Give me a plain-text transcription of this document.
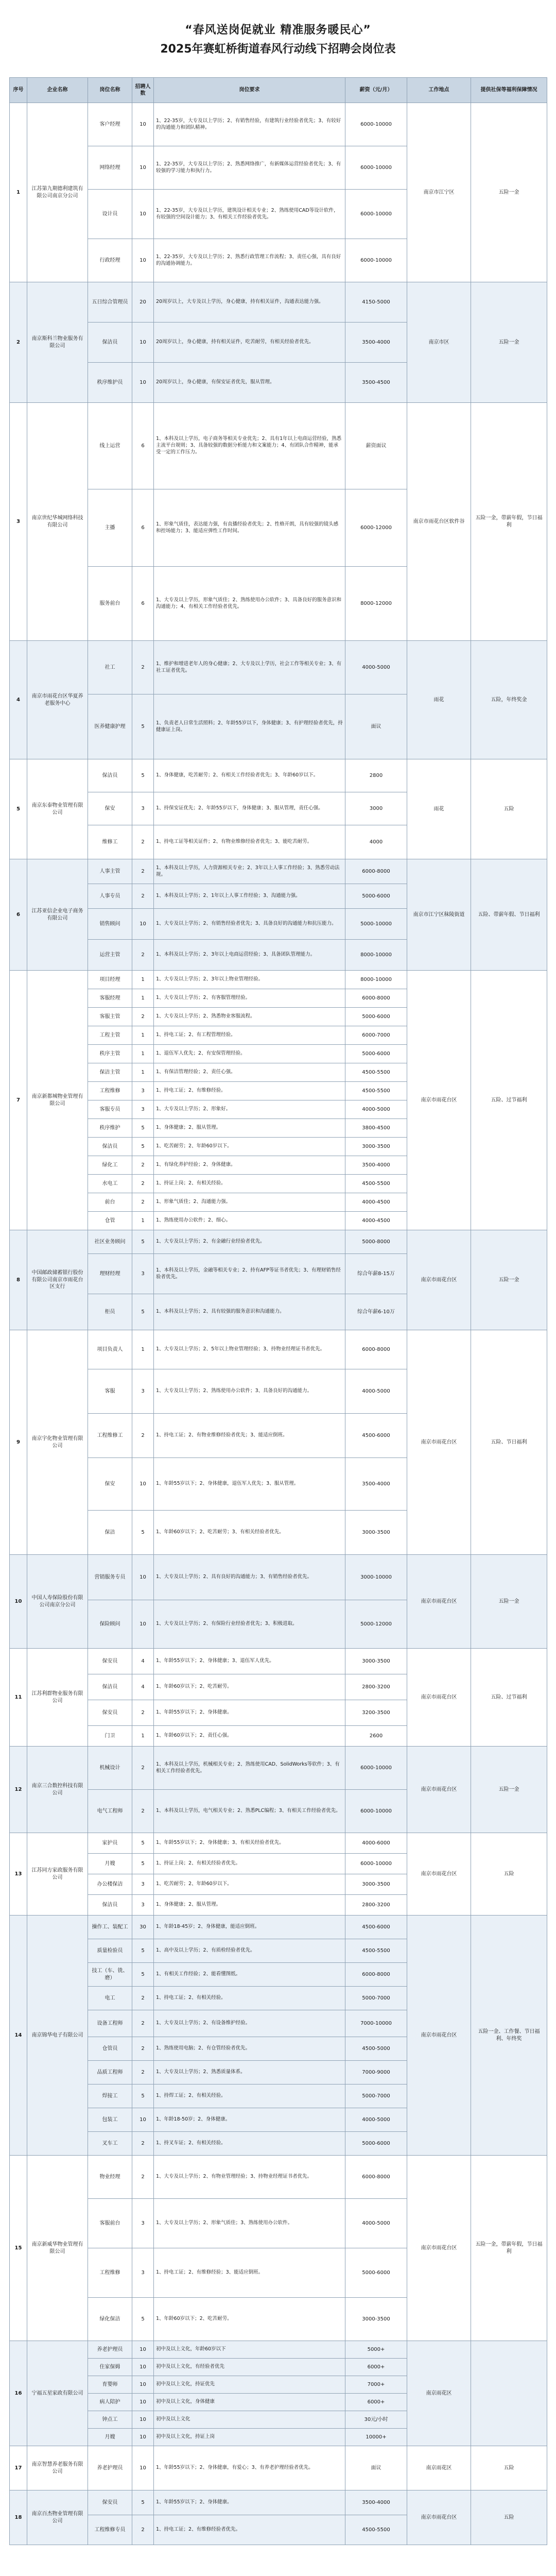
“春风送岗促就业 精准服务暖民心”
2025年赛虹桥街道春风行动线下招聘会岗位表
序号	企业名称	岗位名称	招聘人数	岗位要求	薪资（元/月）	工作地点	提供社保等福利保障情况
1	江苏第九期德利建筑有限公司南京分公司	客户经理	10	1、22-35岁，大专及以上学历；2、有销售经验，有建筑行业经验者优先；3、有较好的沟通能力和团队精神。	6000-10000	南京市江宁区	五险一金
		网络经理	10	1、22-35岁，大专及以上学历；2、熟悉网络推广，有新媒体运营经验者优先；3、有较强的学习能力和执行力。	6000-10000		
		设计员	10	1、22-35岁，大专及以上学历，建筑设计相关专业；2、熟练使用CAD等设计软件，有较强的空间设计能力；3、有相关工作经验者优先。	6000-10000		
		行政经理	10	1、22-35岁，大专及以上学历；2、熟悉行政管理工作流程；3、责任心强，具有良好的沟通协调能力。	6000-10000		
2	南京斯科兰物业服务有限公司	五日综合管理员	20	20周岁以上，大专及以上学历，身心健康，持有相关证件，沟通表达能力强。	4150-5000	南京市区	五险一金
		保洁员	10	20周岁以上，身心健康，持有相关证件，吃苦耐劳，有相关经验者优先。	3500-4000		
		秩序维护员	10	20周岁以上，身心健康，有保安证者优先，服从管理。	3500-4500		
3	南京世纪华城网络科技有限公司	线上运营	6	1、本科及以上学历，电子商务等相关专业优先；2、具有1年以上电商运营经验，熟悉主流平台规则；3、具备较强的数据分析能力和文案能力；4、有团队合作精神，能承受一定的工作压力。	薪资面议	南京市雨花台区软件谷	五险一金，带薪年假，节日福利
		主播	6	1、形象气质佳，表达能力强，有直播经验者优先；2、性格开朗，具有较强的镜头感和控场能力；3、能适应弹性工作时间。	6000-12000		
		服务前台	6	1、大专及以上学历，形象气质佳；2、熟练使用办公软件；3、具备良好的服务意识和沟通能力；4、有相关工作经验者优先。	8000-12000		
4	南京市雨花台区华夏养老服务中心	社工	2	1、维护和增进老年人的身心健康；2、大专及以上学历，社会工作等相关专业；3、有社工证者优先。	4000-5000	雨花	五险，年终奖金
		医养健康护理	5	1、负责老人日常生活照料；2、年龄55岁以下，身体健康；3、有护理经验者优先，持健康证上岗。	面议		
5	南京东泰物业管理有限公司	保洁员	5	1、身体健康，吃苦耐劳；2、有相关工作经验者优先；3、年龄60岁以下。	2800	雨花	五险
		保安	3	1、持保安证优先；2、年龄55岁以下，身体健康；3、服从管理，责任心强。	3000		
		维修工	2	1、持电工证等相关证件；2、有物业维修经验者优先；3、能吃苦耐劳。	4000		
6	江苏亚信企业电子商务有限公司	人事主管	2	1、本科及以上学历，人力资源相关专业；2、3年以上人事工作经验；3、熟悉劳动法规。	6000-8000	南京市江宁区秣陵街道	五险、带薪年假、节日福利
		人事专员	2	1、本科及以上学历；2、1年以上人事工作经验；3、沟通能力强。	5000-6000		
		销售顾问	10	1、大专及以上学历；2、有销售经验者优先；3、具备良好的沟通能力和抗压能力。	5000-10000		
		运营主管	2	1、本科及以上学历；2、3年以上电商运营经验；3、具备团队管理能力。	8000-10000		
7	南京新都城物业管理有限公司	项目经理	1	1、大专及以上学历；2、3年以上物业管理经验。	8000-10000	南京市雨花台区	五险、过节福利
		客服经理	1	1、大专及以上学历；2、有客服管理经验。	6000-8000		
		客服主管	2	1、大专及以上学历；2、熟悉物业客服流程。	5000-6000		
		工程主管	1	1、持电工证；2、有工程管理经验。	6000-7000		
		秩序主管	1	1、退伍军人优先；2、有安保管理经验。	5000-6000		
		保洁主管	1	1、有保洁管理经验；2、责任心强。	4500-5500		
		工程维修	3	1、持电工证；2、有维修经验。	4500-5500		
		客服专员	3	1、大专及以上学历；2、形象好。	4000-5000		
		秩序维护	5	1、身体健康；2、服从管理。	3800-4500		
		保洁员	5	1、吃苦耐劳；2、年龄60岁以下。	3000-3500		
		绿化工	2	1、有绿化养护经验；2、身体健康。	3500-4000		
		水电工	2	1、持证上岗；2、有相关经验。	4500-5500		
		前台	2	1、形象气质佳；2、沟通能力强。	4000-4500		
		仓管	1	1、熟练使用办公软件；2、细心。	4000-4500		
8	中国邮政储蓄银行股份有限公司南京市雨花台区支行	社区业务顾问	5	1、大专及以上学历；2、有金融行业经验者优先。	5000-8000	南京市雨花台区	五险一金
		理财经理	3	1、本科及以上学历，金融等相关专业；2、持有AFP等证书者优先；3、有理财销售经验者优先。	综合年薪8-15万		
		柜员	5	1、本科及以上学历；2、具有较强的服务意识和沟通能力。	综合年薪6-10万		
9	南京宇化物业管理有限公司	项目负责人	1	1、大专及以上学历；2、5年以上物业管理经验；3、持物业经理证书者优先。	6000-8000	南京市雨花台区	五险、节日福利
		客服	3	1、大专及以上学历；2、熟练使用办公软件；3、具备良好的沟通能力。	4000-5000		
		工程维修工	2	1、持电工证；2、有物业维修经验者优先；3、能适应倒班。	4500-6000		
		保安	10	1、年龄55岁以下；2、身体健康，退伍军人优先；3、服从管理。	3500-4000		
		保洁	5	1、年龄60岁以下；2、吃苦耐劳；3、有相关经验者优先。	3000-3500		
10	中国人寿保险股份有限公司南京分公司	营销服务专员	10	1、大专及以上学历；2、具有良好的沟通能力；3、有销售经验者优先。	3000-10000	南京市雨花台区	五险一金
		保险顾问	10	1、大专及以上学历；2、有保险行业经验者优先；3、积极进取。	5000-12000		
11	江苏利群物业服务有限公司	保安员	4	1、年龄55岁以下；2、身体健康；3、退伍军人优先。	3000-3500	南京市雨花台区	五险、过节福利
		保洁员	4	1、年龄60岁以下；2、吃苦耐劳。	2800-3200		
		保安员	2	1、年龄55岁以下；2、身体健康。	3200-3500		
		门卫	1	1、年龄60岁以下；2、责任心强。	2600		
12	南京三合数控科技有限公司	机械设计	2	1、本科及以上学历，机械相关专业；2、熟练使用CAD、SolidWorks等软件；3、有相关工作经验者优先。	6000-10000	南京市雨花台区	五险一金
		电气工程师	2	1、本科及以上学历，电气相关专业；2、熟悉PLC编程；3、有相关工作经验者优先。	6000-10000		
13	江苏同方家政服务有限公司	家护员	5	1、年龄55岁以下；2、身体健康；3、有相关经验者优先。	4000-6000	南京市雨花台区	五险
		月嫂	5	1、持证上岗；2、有相关经验者优先。	6000-10000		
		办公楼保洁	3	1、吃苦耐劳；2、年龄60岁以下。	3000-3500		
		保洁员	3	1、身体健康；2、服从管理。	2800-3200		
14	南京锦华电子有限公司	操作工、装配工	30	1、年龄18-45岁；2、身体健康，能适应倒班。	4500-6000	南京市雨花台区	五险一金、工作餐、节日福利、年终奖
		质量检验员	5	1、高中及以上学历；2、有质检经验者优先。	4500-5500		
		技工（车、铣、磨）	5	1、有相关工作经验；2、能看懂图纸。	6000-8000		
		电工	2	1、持电工证；2、有相关经验。	5000-7000		
		设备工程师	2	1、大专及以上学历；2、有设备维护经验。	7000-10000		
		仓管员	2	1、熟练使用电脑；2、有仓管经验者优先。	4500-5000		
		品质工程师	2	1、大专及以上学历；2、熟悉质量体系。	7000-9000		
		焊接工	5	1、持焊工证；2、有相关经验。	5000-7000		
		包装工	10	1、年龄18-50岁；2、身体健康。	4000-5000		
		叉车工	2	1、持叉车证；2、有相关经验。	5000-6000		
15	南京新威华物业管理有限公司	物业经理	2	1、大专及以上学历；2、有物业管理经验；3、持物业经理证书者优先。	6000-8000	南京市雨花台区	五险一金，带薪年假，节日福利
		客服前台	3	1、大专及以上学历；2、形象气质佳；3、熟练使用办公软件。	4000-5000		
		工程维修	3	1、持电工证；2、有维修经验；3、能适应倒班。	5000-6000		
		绿化保洁	5	1、年龄60岁以下；2、吃苦耐劳。	3000-3500		
16	宁福五星家政有限公司	养老护理员	10	初中及以上文化，年龄60岁以下	5000+	南京雨花区	
		住家保姆	10	初中及以上文化，有经验者优先	6000+		
		育婴师	10	初中及以上文化，持证优先	7000+		
		病人陪护	10	初中及以上文化，身体健康	6000+		
		钟点工	10	初中及以上文化	30元/小时		
		月嫂	10	初中及以上文化，持证上岗	10000+		
17	南京智慧养老服务有限公司	养老护理员	10	1、年龄55岁以下；2、身体健康，有爱心；3、有养老护理经验者优先。	面议	南京雨花区	五险
18	南京百杰物业管理有限公司	保安员	5	1、年龄55岁以下；2、身体健康。	3500-4000	南京市雨花台区	五险
		工程维修专员	2	1、持电工证；2、有维修经验者优先。	4500-5500		
